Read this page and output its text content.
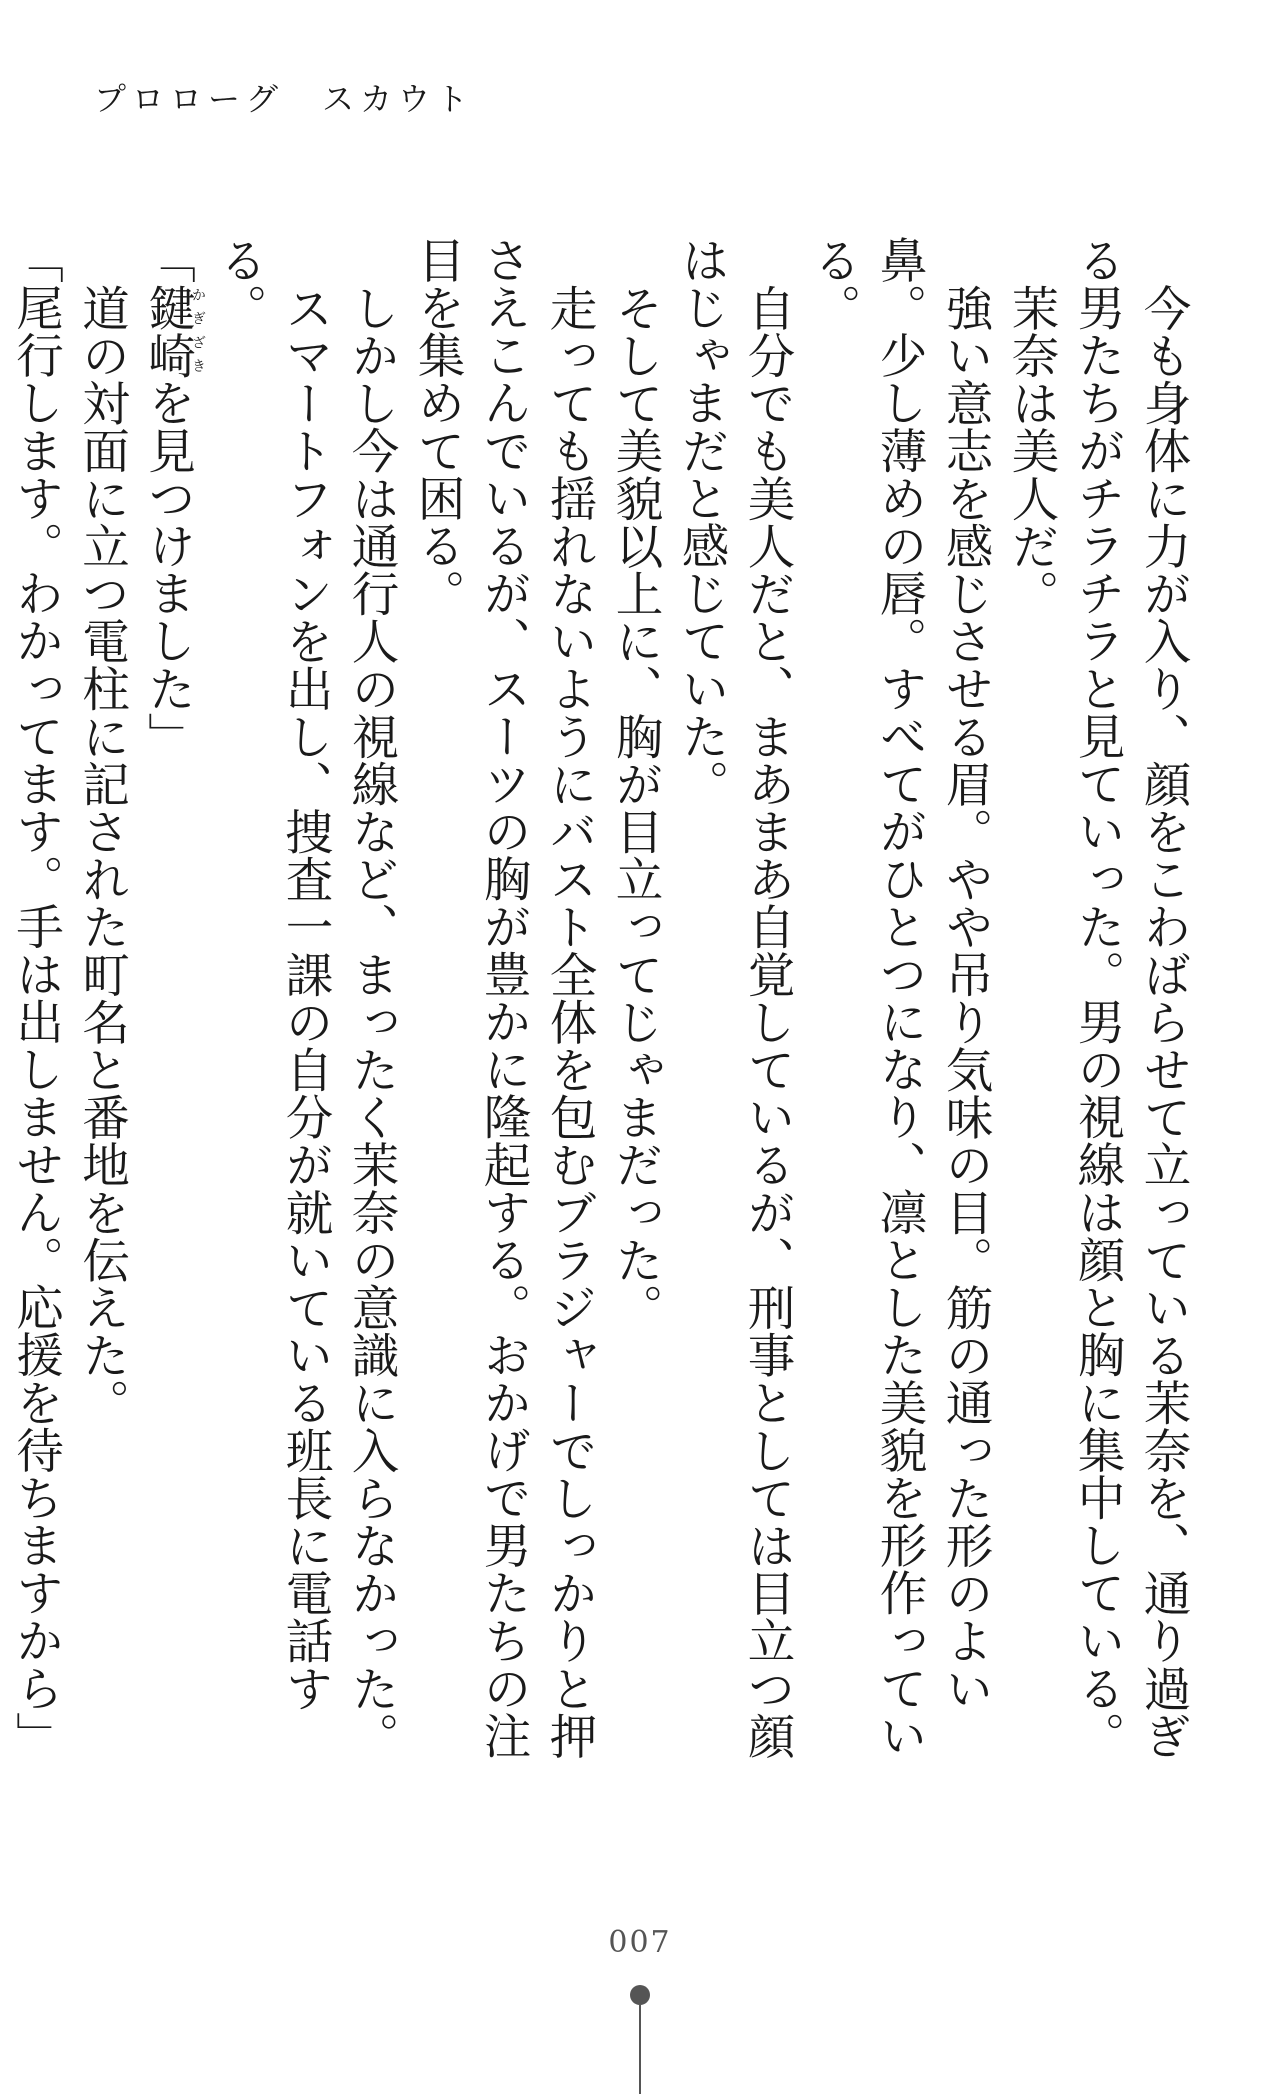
プロローグ　スカウト

今も身体に力が入り、顔をこわばらせて立っている茉奈を、通り過ぎる男たちがチラチラと見ていった。男の視線は顔と胸に集中している。

茉奈は美人だ。

強い意志を感じさせる眉。やや吊り気味の目。筋の通った形のよい鼻。少し薄めの唇。すべてがひとつになり、凛とした美貌を形作っている。

自分でも美人だと、まあまあ自覚しているが、刑事としては目立つ顔はじゃまだと感じていた。

そして美貌以上に、胸が目立ってじゃまだった。

走っても揺れないようにバスト全体を包むブラジャーでしっかりと押さえこんでいるが、スーツの胸が豊かに隆起する。おかげで男たちの注目を集めて困る。

しかし今は通行人の視線など、まったく茉奈の意識に入らなかった。

スマートフォンを出し、捜査一課の自分が就いている班長に電話する。

「鍵崎かぎざきを見つけました」

道の対面に立つ電柱に記された町名と番地を伝えた。

「尾行します。わかってます。手は出しません。応援を待ちますから」

007
